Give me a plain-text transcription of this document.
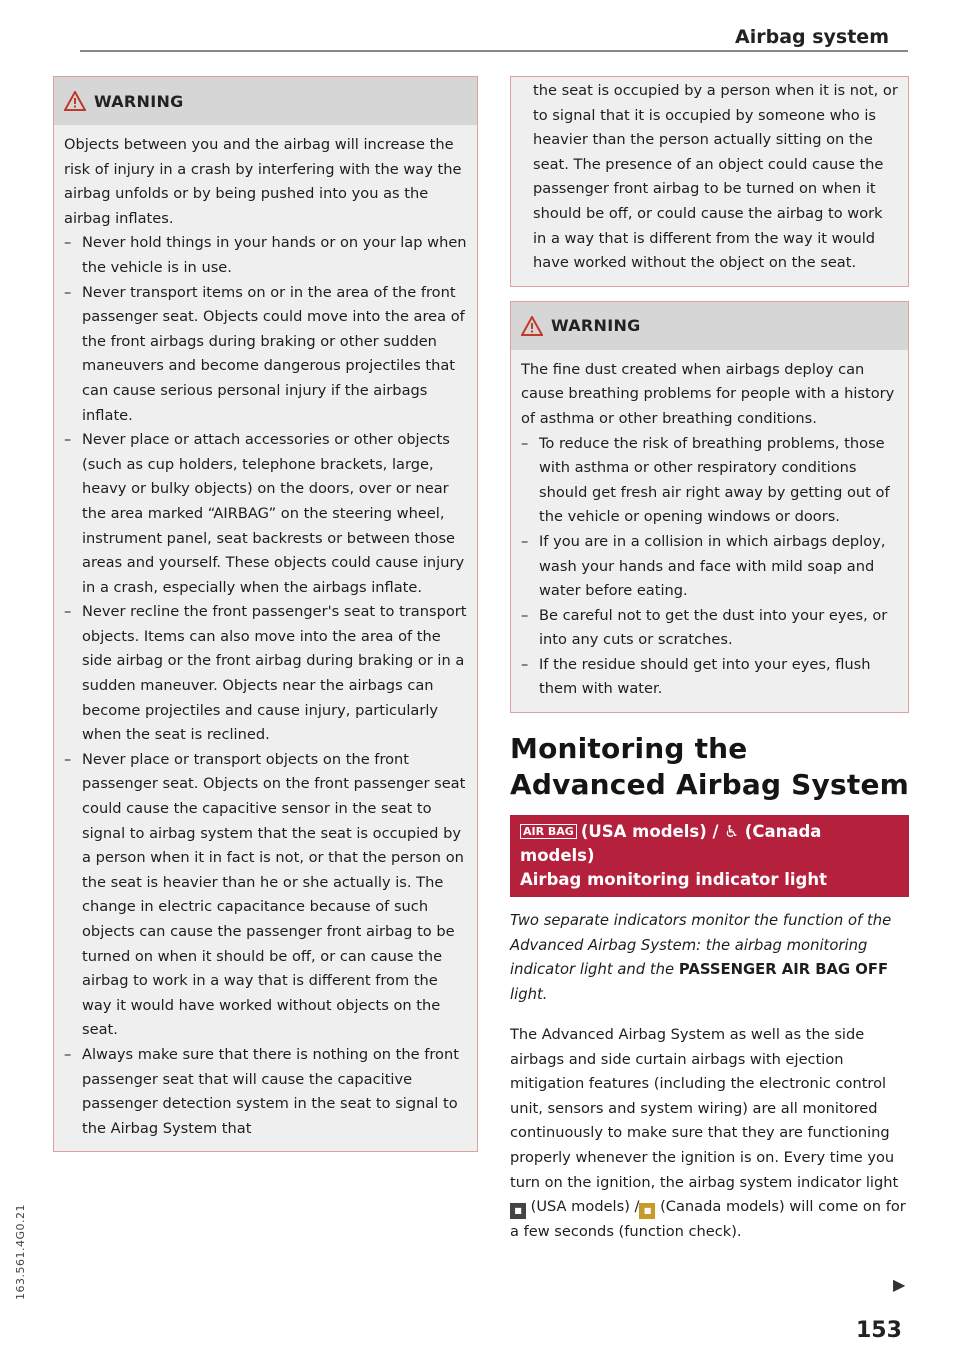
Airbag system
WARNING

Objects between you and the airbag will increase the risk of injury in a crash by interfering with the way the airbag unfolds or by being pushed into you as the airbag inflates.

– Never hold things in your hands or on your lap when the vehicle is in use.
– Never transport items on or in the area of the front passenger seat. Objects could move into the area of the front airbags during braking or other sudden maneuvers and become dangerous projectiles that can cause serious personal injury if the airbags inflate.
– Never place or attach accessories or other objects (such as cup holders, telephone brackets, large, heavy or bulky objects) on the doors, over or near the area marked “AIRBAG” on the steering wheel, instrument panel, seat backrests or between those areas and yourself. These objects could cause injury in a crash, especially when the airbags inflate.
– Never recline the front passenger's seat to transport objects. Items can also move into the area of the side airbag or the front airbag during braking or in a sudden maneuver. Objects near the airbags can become projectiles and cause injury, particularly when the seat is reclined.
– Never place or transport objects on the front passenger seat. Objects on the front passenger seat could cause the capacitive sensor in the seat to signal to airbag system that the seat is occupied by a person when it in fact is not, or that the person on the seat is heavier than he or she actually is. The change in electric capacitance because of such objects can cause the passenger front airbag to be turned on when it should be off, or can cause the airbag to work in a way that is different from the way it would have worked without objects on the seat.
– Always make sure that there is nothing on the front passenger seat that will cause the capacitive passenger detection system in the seat to signal to the Airbag System that

the seat is occupied by a person when it is not, or to signal that it is occupied by someone who is heavier than the person actually sitting on the seat. The presence of an object could cause the passenger front airbag to be turned on when it should be off, or could cause the airbag to work in a way that is different from the way it would have worked without the object on the seat.

WARNING

The fine dust created when airbags deploy can cause breathing problems for people with a history of asthma or other breathing conditions.

– To reduce the risk of breathing problems, those with asthma or other respiratory conditions should get fresh air right away by getting out of the vehicle or opening windows or doors.
– If you are in a collision in which airbags deploy, wash your hands and face with mild soap and water before eating.
– Be careful not to get the dust into your eyes, or into any cuts or scratches.
– If the residue should get into your eyes, flush them with water.
Monitoring the Advanced Airbag System
AIR BAG (USA models) / ♿ (Canada models)
Airbag monitoring indicator light

Two separate indicators monitor the function of the Advanced Airbag System: the airbag monitoring indicator light and the PASSENGER AIR BAG OFF light.

The Advanced Airbag System as well as the side airbags and side curtain airbags with ejection mitigation features (including the electronic control unit, sensors and system wiring) are all monitored continuously to make sure that they are functioning properly whenever the ignition is on. Every time you turn on the ignition, the airbag system indicator light ■ (USA models) / ■ (Canada models) will come on for a few seconds (function check).

▶
153
163.561.4G0.21
